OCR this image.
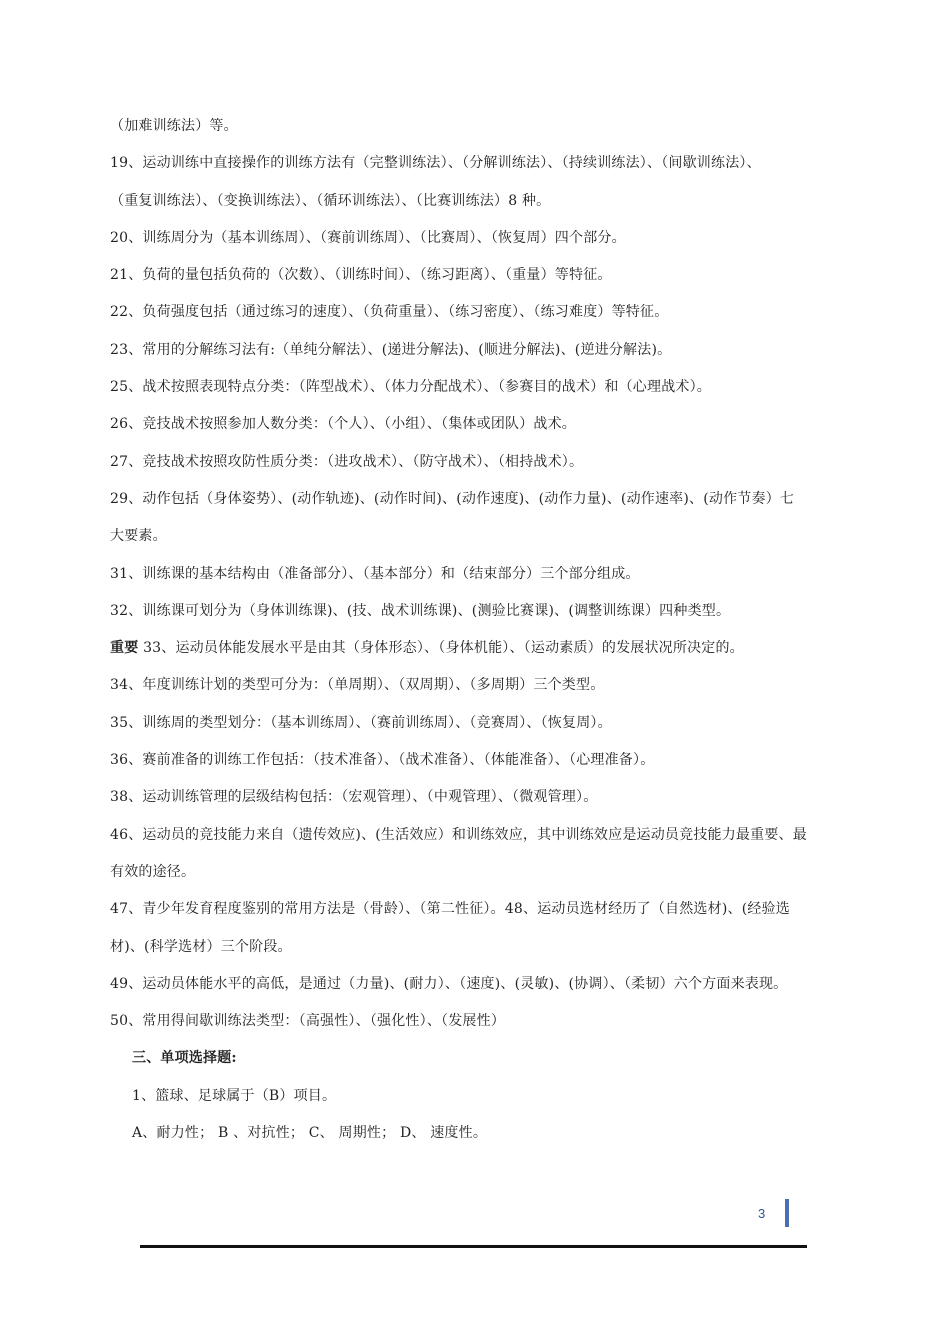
（加难训练法）等。
19、运动训练中直接操作的训练方法有（完整训练法）、（分解训练法）、（持续训练法）、（间歇训练法）、
（重复训练法）、（变换训练法）、（循环训练法）、（比赛训练法）8 种。
20、训练周分为（基本训练周）、（赛前训练周）、（比赛周）、（恢复周）四个部分。
21、负荷的量包括负荷的（次数）、（训练时间）、（练习距离）、（重量）等特征。
22、负荷强度包括（通过练习的速度）、（负荷重量）、（练习密度）、（练习难度）等特征。
23、常用的分解练习法有:（单纯分解法）、(递进分解法)、(顺进分解法)、(逆进分解法)。
25、战术按照表现特点分类：（阵型战术）、（体力分配战术）、（参赛目的战术）和（心理战术）。
26、竞技战术按照参加人数分类：（个人）、（小组）、（集体或团队）战术。
27、竞技战术按照攻防性质分类：（进攻战术）、（防守战术）、（相持战术）。
29、动作包括（身体姿势）、(动作轨迹)、(动作时间)、(动作速度)、(动作力量)、(动作速率)、(动作节奏）七
大要素。
31、训练课的基本结构由（准备部分）、（基本部分）和（结束部分）三个部分组成。
32、训练课可划分为（身体训练课)、(技、战术训练课)、(测验比赛课)、(调整训练课）四种类型。
重要 33、运动员体能发展水平是由其（身体形态）、（身体机能）、（运动素质）的发展状况所决定的。
34、年度训练计划的类型可分为：（单周期）、（双周期）、（多周期）三个类型。
35、训练周的类型划分：（基本训练周）、（赛前训练周）、（竞赛周）、（恢复周）。
36、赛前准备的训练工作包括：（技术准备）、（战术准备）、（体能准备）、（心理准备）。
38、运动训练管理的层级结构包括：（宏观管理）、（中观管理）、（微观管理）。
46、运动员的竞技能力来自（遗传效应)、(生活效应）和训练效应，其中训练效应是运动员竞技能力最重要、最
有效的途径。
47、青少年发育程度鉴别的常用方法是（骨龄）、（第二性征）。48、运动员选材经历了（自然选材)、(经验选
材)、(科学选材）三个阶段。
49、运动员体能水平的高低，是通过（力量)、(耐力）、（速度)、(灵敏)、(协调）、（柔韧）六个方面来表现。
50、常用得间歇训练法类型：（高强性）、（强化性）、（发展性）
三、单项选择题:
1、篮球、足球属于（B）项目。
A、耐力性； B 、对抗性； C、 周期性； D、 速度性。
3
